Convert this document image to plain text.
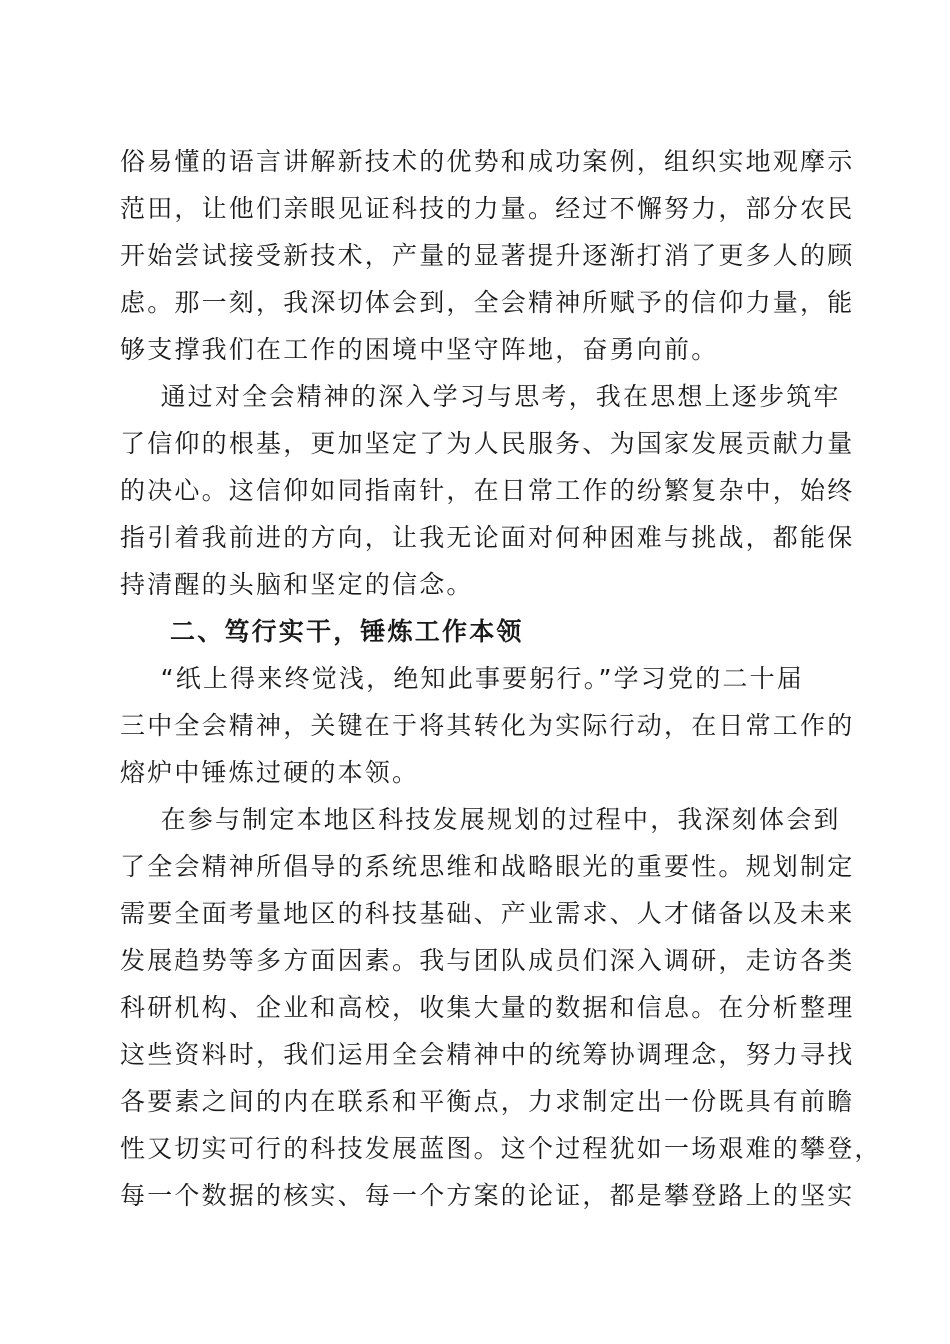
俗易懂的语言讲解新技术的优势和成功案例，组织实地观摩示
范田，让他们亲眼见证科技的力量。经过不懈努力，部分农民
开始尝试接受新技术，产量的显著提升逐渐打消了更多人的顾
虑。那一刻，我深切体会到，全会精神所赋予的信仰力量，能
够支撑我们在工作的困境中坚守阵地，奋勇向前。
通过对全会精神的深入学习与思考，我在思想上逐步筑牢
了信仰的根基，更加坚定了为人民服务、为国家发展贡献力量
的决心。这信仰如同指南针，在日常工作的纷繁复杂中，始终
指引着我前进的方向，让我无论面对何种困难与挑战，都能保
持清醒的头脑和坚定的信念。
二、笃行实干，锤炼工作本领
“纸上得来终觉浅，绝知此事要躬行。”学习党的二十届
三中全会精神，关键在于将其转化为实际行动，在日常工作的
熔炉中锤炼过硬的本领。
在参与制定本地区科技发展规划的过程中，我深刻体会到
了全会精神所倡导的系统思维和战略眼光的重要性。规划制定
需要全面考量地区的科技基础、产业需求、人才储备以及未来
发展趋势等多方面因素。我与团队成员们深入调研，走访各类
科研机构、企业和高校，收集大量的数据和信息。在分析整理
这些资料时，我们运用全会精神中的统筹协调理念，努力寻找
各要素之间的内在联系和平衡点，力求制定出一份既具有前瞻
性又切实可行的科技发展蓝图。这个过程犹如一场艰难的攀登，
每一个数据的核实、每一个方案的论证，都是攀登路上的坚实
